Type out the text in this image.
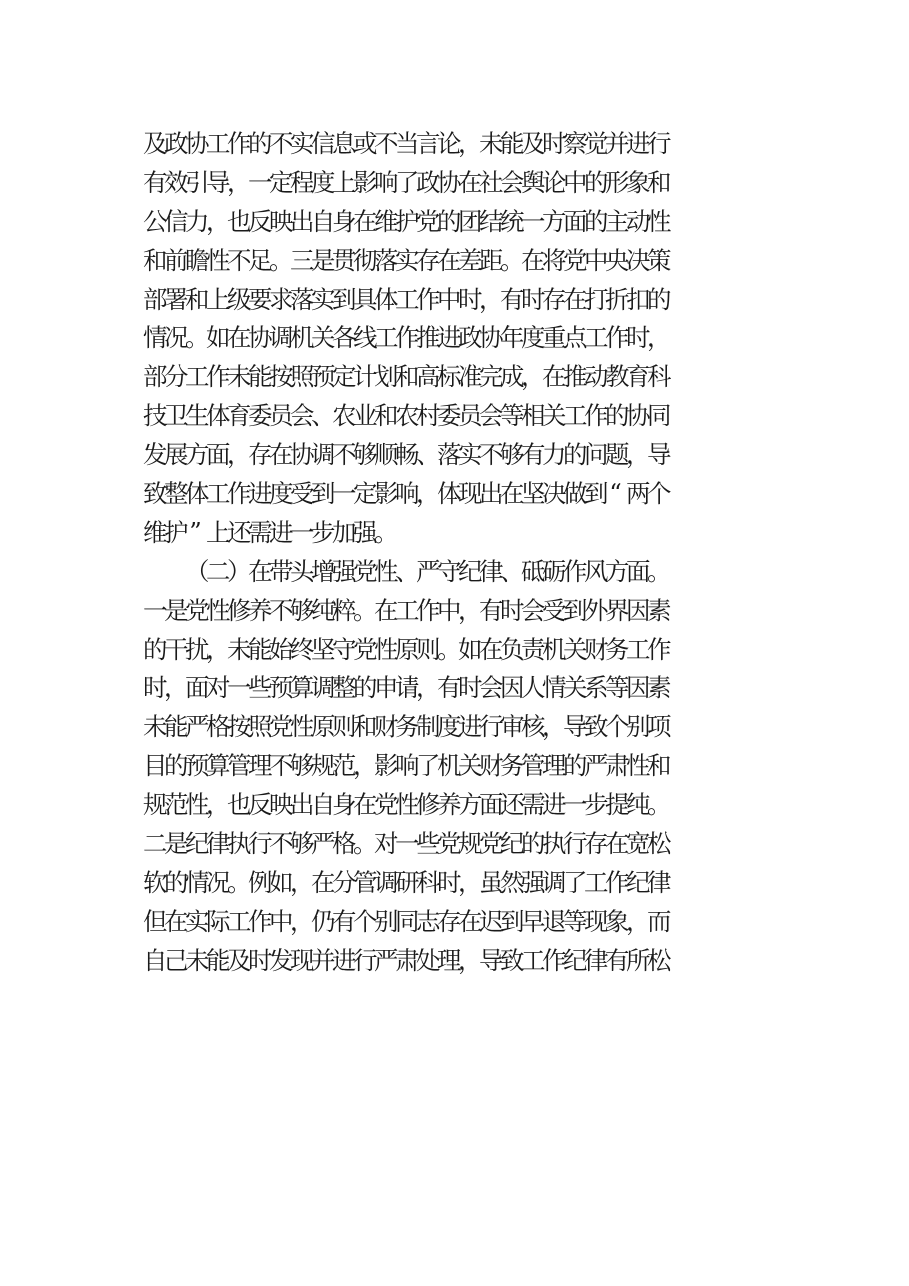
及
政
协
工
作
的
不
实
信
息
或
不
当
言
论
，
未
能
及
时
察
觉
并
进
行
有
效
引
导
，
一
定
程
度
上
影
响
了
政
协
在
社
会
舆
论
中
的
形
象
和
公
信
力
，
也
反
映
出
自
身
在
维
护
党
的
团
结
统
一
方
面
的
主
动
性
和
前
瞻
性
不
足
。
三
是
贯
彻
落
实
存
在
差
距
。
在
将
党
中
央
决
策
部
署
和
上
级
要
求
落
实
到
具
体
工
作
中
时
，
有
时
存
在
打
折
扣
的
情
况
。
如
在
协
调
机
关
各
线
工
作
推
进
政
协
年
度
重
点
工
作
时
，
部
分
工
作
未
能
按
照
预
定
计
划
和
高
标
准
完
成
，
在
推
动
教
育
科
技
卫
生
体
育
委
员
会
、
农
业
和
农
村
委
员
会
等
相
关
工
作
的
协
同
发
展
方
面
，
存
在
协
调
不
够
顺
畅
、
落
实
不
够
有
力
的
问
题
，
导
致
整
体
工
作
进
度
受
到
一
定
影
响
，
体
现
出
在
坚
决
做
到 “ 两
个
维
护 ” 上
还
需
进
一
步
加
强
。

（
二
）
在
带
头
增
强
党
性
、
严
守
纪
律
、
砥
砺
作
风
方
面
。
一
是
党
性
修
养
不
够
纯
粹
。
在
工
作
中
，
有
时
会
受
到
外
界
因
素
的
干
扰
，
未
能
始
终
坚
守
党
性
原
则
。
如
在
负
责
机
关
财
务
工
作
时
，
面
对
一
些
预
算
调
整
的
申
请
，
有
时
会
因
人
情
关
系
等
因
素
未
能
严
格
按
照
党
性
原
则
和
财
务
制
度
进
行
审
核
，
导
致
个
别
项
目
的
预
算
管
理
不
够
规
范
，
影
响
了
机
关
财
务
管
理
的
严
肃
性
和
规
范
性
，
也
反
映
出
自
身
在
党
性
修
养
方
面
还
需
进
一
步
提
纯
。
二
是
纪
律
执
行
不
够
严
格
。
对
一
些
党
规
党
纪
的
执
行
存
在
宽
松
软
的
情
况
。
例
如
，
在
分
管
调
研
科
时
，
虽
然
强
调
了
工
作
纪
律
但
在
实
际
工
作
中
，
仍
有
个
别
同
志
存
在
迟
到
早
退
等
现
象
，
而
自
己
未
能
及
时
发
现
并
进
行
严
肃
处
理
，
导
致
工
作
纪
律
有
所
松
